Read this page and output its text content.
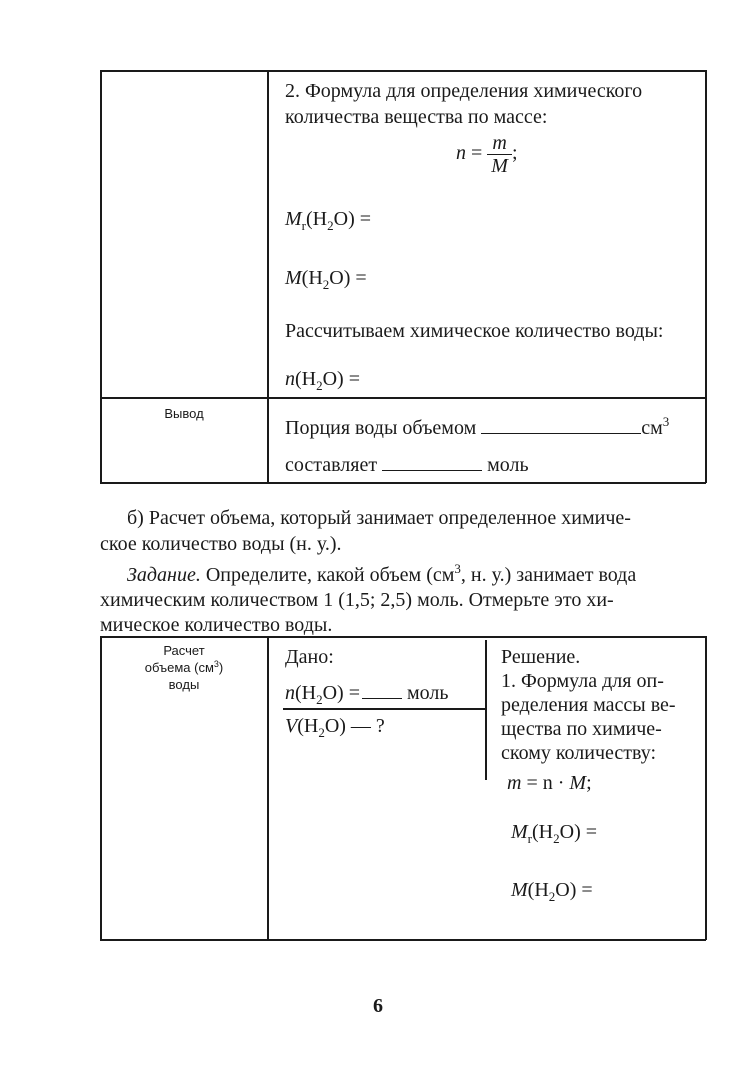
2. Формула для определения химического
количества вещества по массе:
$n = \frac{m}{M}$ ;
$M_r(H_2O)$ =
$M(H_2O)$ =
Рассчитываем химическое количество воды:
$n(H_2O)$ =
Вывод
Порция воды объемом	$см^3$
составляет	моль
б) Расчет объема, который занимает определенное химиче-
ское количество воды (н. у.).
Задание. Определите, какой объем ($см^3$, н. у.) занимает вода
химическим количеством 1 (1,5; 2,5) моль. Отмерьте это хи-
мическое количество воды.
Расчет
объема $(см^3)$
воды
Дано:
$n(H_2O)$ = моль
$V(H_2O)$ — ?
Решение.
1. Формула для оп-
ределения массы ве-
щества по химиче-
скому количеству:
m = n · M;
$M_r(H_2O)$ =
$M(H_2O)$ =
6
